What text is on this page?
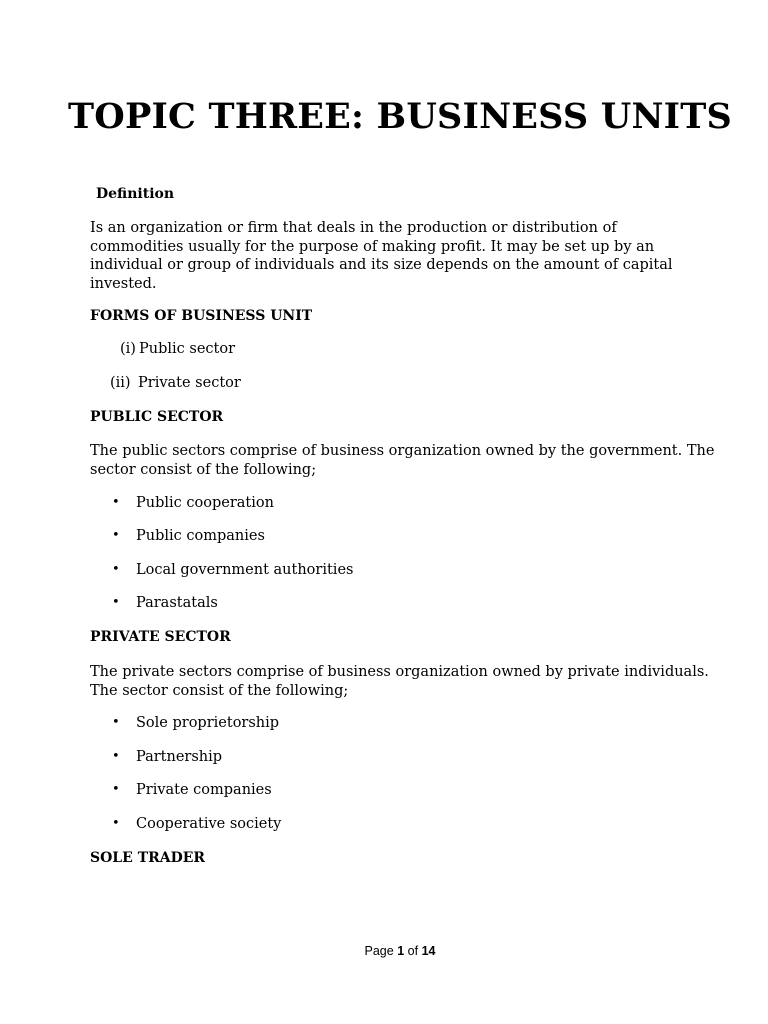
TOPIC THREE: BUSINESS UNITS
Definition

Is an organization or firm that deals in the production or distribution of
commodities usually for the purpose of making profit. It may be set up by an
individual or group of individuals and its size depends on the amount of capital
invested.

FORMS OF BUSINESS UNIT
(i) Public sector
(ii) Private sector
PUBLIC SECTOR

The public sectors comprise of business organization owned by the government. The
sector consist of the following;

• Public cooperation
• Public companies
• Local government authorities
• Parastatals
PRIVATE SECTOR

The private sectors comprise of business organization owned by private individuals.
The sector consist of the following;

• Sole proprietorship
• Partnership
• Private companies
• Cooperative society
SOLE TRADER
Page 1 of 14
